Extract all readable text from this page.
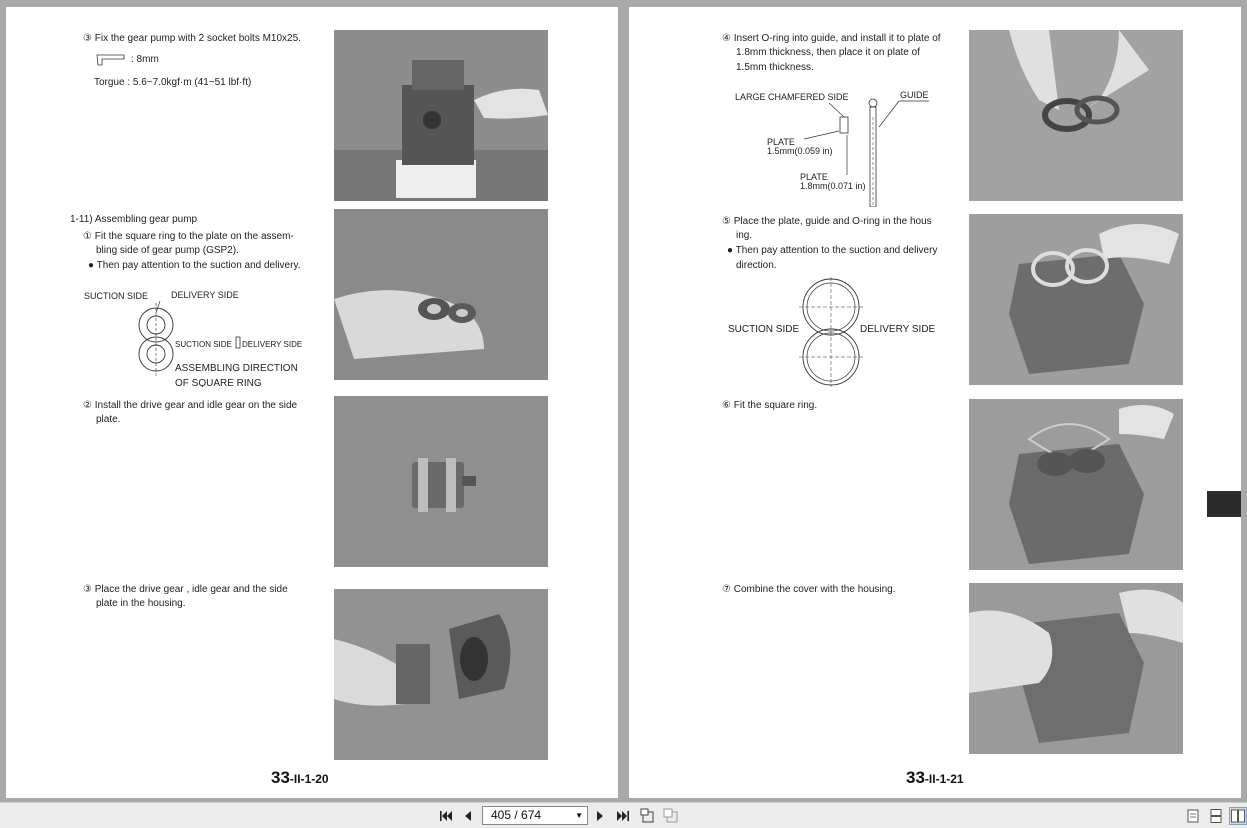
③ Fix the gear pump with 2 socket bolts M10x25.
: 8mm
Torgue : 5.6~7.0kgf·m (41~51 lbf·ft)
1-11) Assembling gear pump
① Fit the square ring to the plate on the assem-
bling side of gear pump (GSP2).
● Then pay attention to the suction and delivery.
SUCTION SIDE	DELIVERY SIDE
SUCTION SIDE DELIVERY SIDE
ASSEMBLING DIRECTION
OF SQUARE RING
② Install the drive gear and idle gear on the side
plate.
③ Place the drive gear , idle gear and the side
plate in the housing.
33-II-1-20
④ Insert O-ring into guide, and install it to plate of
1.8mm thickness, then place it on plate of
1.5mm thickness.
LARGE CHAMFERED SIDE	GUIDE
PLATE
1.5mm(0.059 in)
PLATE
1.8mm(0.071 in)
⑤ Place the plate, guide and O-ring in the hous
ing.
● Then pay attention to the suction and delivery
direction.
SUCTION SIDE	DELIVERY SIDE
⑥ Fit the square ring.
⑦ Combine the cover with the housing.
33-II-1-21
405 / 674	▼
